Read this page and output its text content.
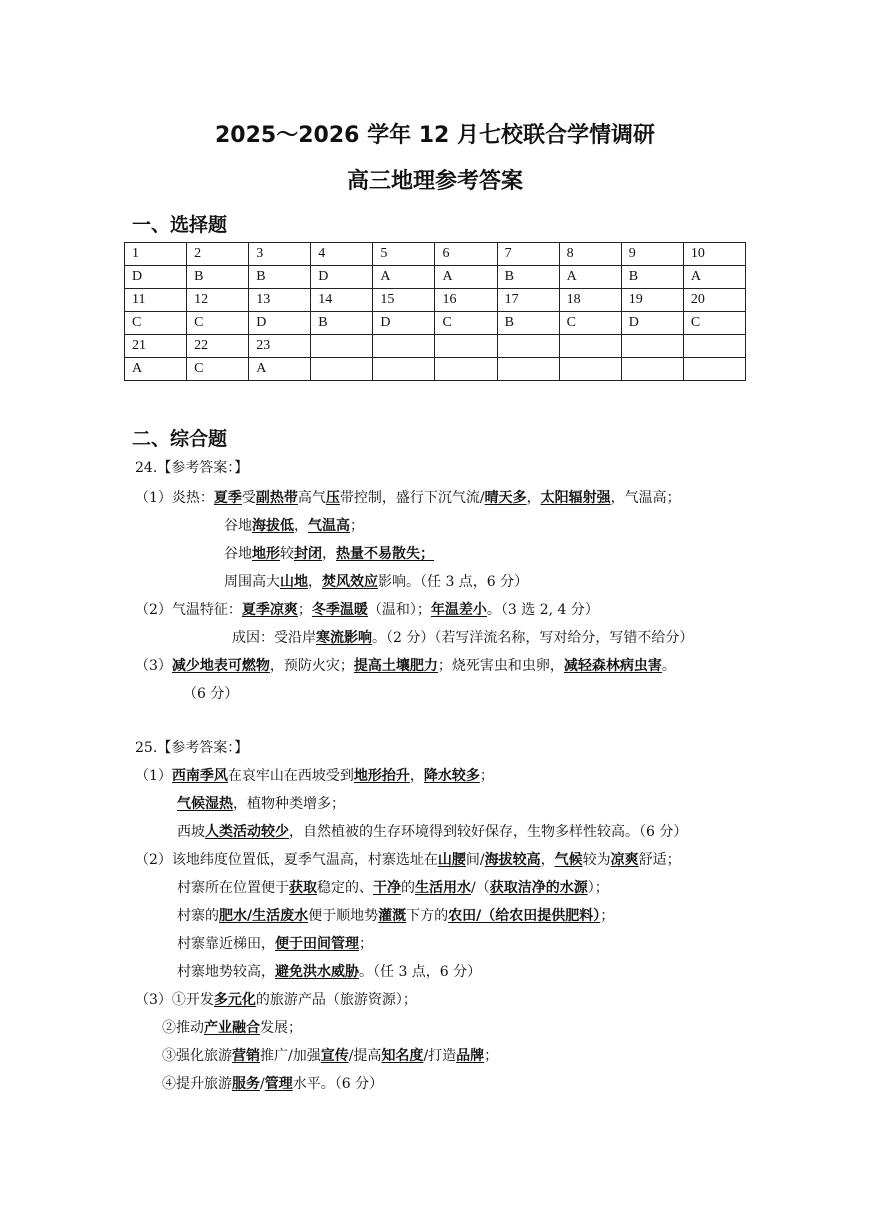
2025～2026 学年 12 月七校联合学情调研
高三地理参考答案
一、选择题
1	2	3	4	5	6	7	8	9	10
D	B	B	D	A	A	B	A	B	A
11	12	13	14	15	16	17	18	19	20
C	C	D	B	D	C	B	C	D	C
21	22	23							
A	C	A							
二、综合题
24.【参考答案：】
（1）炎热：夏季受副热带高气压带控制，盛行下沉气流/晴天多，太阳辐射强，气温高；
谷地海拔低，气温高；
谷地地形较封闭，热量不易散失；
周围高大山地，焚风效应影响。（任 3 点，6 分）
（2）气温特征：夏季凉爽；冬季温暖（温和）；年温差小。（3 选 2, 4 分）
成因：受沿岸寒流影响。（2 分）（若写洋流名称，写对给分，写错不给分）
（3）减少地表可燃物，预防火灾；提高土壤肥力；烧死害虫和虫卵，减轻森林病虫害。
（6 分）
25.【参考答案：】
（1）西南季风在哀牢山在西坡受到地形抬升，降水较多；
气候湿热，植物种类增多；
西坡人类活动较少，自然植被的生存环境得到较好保存，生物多样性较高。（6 分）
（2）该地纬度位置低，夏季气温高，村寨选址在山腰间/海拔较高，气候较为凉爽舒适；
村寨所在位置便于获取稳定的、干净的生活用水/（获取洁净的水源）；
村寨的肥水/生活废水便于顺地势灌溉下方的农田/（给农田提供肥料）；
村寨靠近梯田，便于田间管理；
村寨地势较高，避免洪水威胁。（任 3 点，6 分）
（3）①开发多元化的旅游产品（旅游资源）；
②推动产业融合发展；
③强化旅游营销推广/加强宣传/提高知名度/打造品牌；
④提升旅游服务/管理水平。（6 分）
